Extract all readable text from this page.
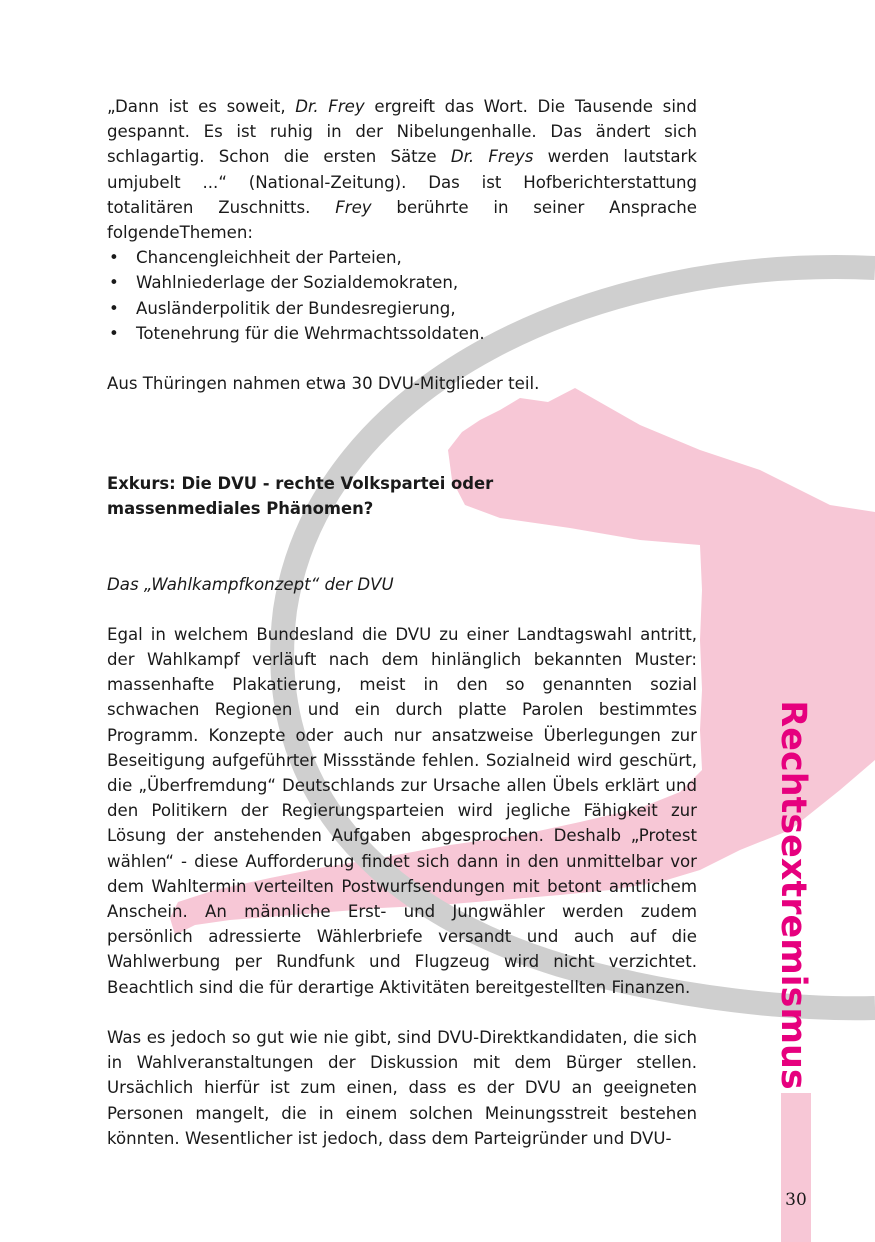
„Dann ist es soweit, Dr. Frey ergreift das Wort. Die Tausende sind gespannt. Es ist ruhig in der Nibelungenhalle. Das ändert sich schlagartig. Schon die ersten Sätze Dr. Freys werden lautstark umjubelt ...“ (National-Zeitung). Das ist Hofberichterstattung totalitären Zuschnitts. Frey berührte in seiner Ansprache folgendeThemen:

• Chancengleichheit der Parteien,
• Wahlniederlage der Sozialdemokraten,
• Ausländerpolitik der Bundesregierung,
• Totenehrung für die Wehrmachtssoldaten.

Aus Thüringen nahmen etwa 30 DVU-Mitglieder teil.

Exkurs: Die DVU - rechte Volkspartei oder
massenmediales Phänomen?

Das „Wahlkampfkonzept“ der DVU

Egal in welchem Bundesland die DVU zu einer Landtagswahl antritt, der Wahlkampf verläuft nach dem hinlänglich bekannten Muster: massenhafte Plakatierung, meist in den so genannten sozial schwachen Regionen und ein durch platte Parolen bestimmtes Programm. Konzepte oder auch nur ansatzweise Überlegungen zur Beseitigung aufgeführter Missstände fehlen. Sozialneid wird geschürt, die „Überfremdung“ Deutschlands zur Ursache allen Übels erklärt und den Politikern der Regierungsparteien wird jegliche Fähigkeit zur Lösung der anstehenden Aufgaben abgesprochen. Deshalb „Protest wählen“ - diese Aufforderung findet sich dann in den unmittelbar vor dem Wahltermin verteilten Postwurfsendungen mit betont amtlichem Anschein. An männliche Erst- und Jungwähler werden zudem persönlich adressierte Wählerbriefe versandt und auch auf die Wahlwerbung per Rundfunk und Flugzeug wird nicht verzichtet. Beachtlich sind die für derartige Aktivitäten bereitgestellten Finanzen.

Was es jedoch so gut wie nie gibt, sind DVU-Direktkandidaten, die sich in Wahlveranstaltungen der Diskussion mit dem Bürger stellen. Ursächlich hierfür ist zum einen, dass es der DVU an geeigneten Personen mangelt, die in einem solchen Meinungsstreit bestehen könnten. Wesentlicher ist jedoch, dass dem Parteigründer und DVU-

Rechtsextremismus
30
